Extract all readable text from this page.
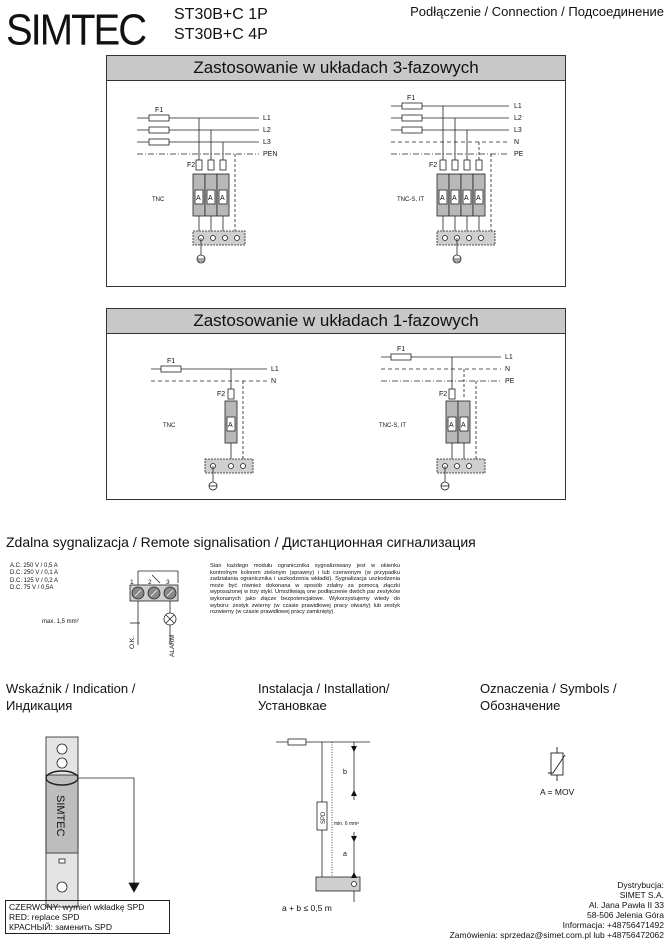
SIMTEC ST30B+C 1P
ST30B+C 4P
Podłączenie / Connection / Подсоединение
Zastosowanie w układach 3-fazowych
F1
F2
L1
L2
L3
PEN
TNC	A A A
F1
F2
L1
L2
L3
N
PE
TNC-S, IT A A A A
Zastosowanie w układach 1-fazowych
F1
F2
L1
N
TNC	A
F1
F2
L1
N
PE
TNC-S, IT	A A
Zdalna sygnalizacja / Remote signalisation / Дистанционная сигнализация
A.C. 250 V / 0,5 A
D.C. 250 V / 0,1 A
D.C. 125 V / 0,2 A
D.C. 75 V / 0,5A
1 2 3
O.K.	ALARM
max. 1,5 mm²
Stan każdego modułu ogranicznika sygnalizowany jest w okienku kontrolnym kolorem zielonym (sprawny) i lub czerwonym (w przypadku zadziałania ogranicznika i uszkodzenia wkładki). Sygnalizacja uszkodzenia może być również dokonana w sposób zdalny za pomocą złączki wyposażonej w trzy styki. Umożliwiają one podłączenie dwóch par zestyków wykonanych jako złącze bezpotencjałowe. Wykorzystujemy wtedy do wyboru: zestyk zwierny (w czasie prawidłowej pracy otwarty) lub zestyk rozwierny (w czasie prawidłowej pracy zamknięty).
Wskaźnik / Indication /
Индикация
SIMTEC
CZERWONY: wymień wkładkę SPD
RED: replace SPD
КРАСНЫЙ: заменить SPD
Instalacja / Installation/
Установкае
b
a
SPD min. 6 mm²
a + b ≤ 0,5 m
Oznaczenia / Symbols /
Обозначение
A = MOV
Dystrybucja:
SIMET S.A.
Al. Jana Pawła II 33
58-506 Jelenia Góra
Informacja: +48756471492
Zamówienia: sprzedaz@simet.com.pl lub +48756472062
